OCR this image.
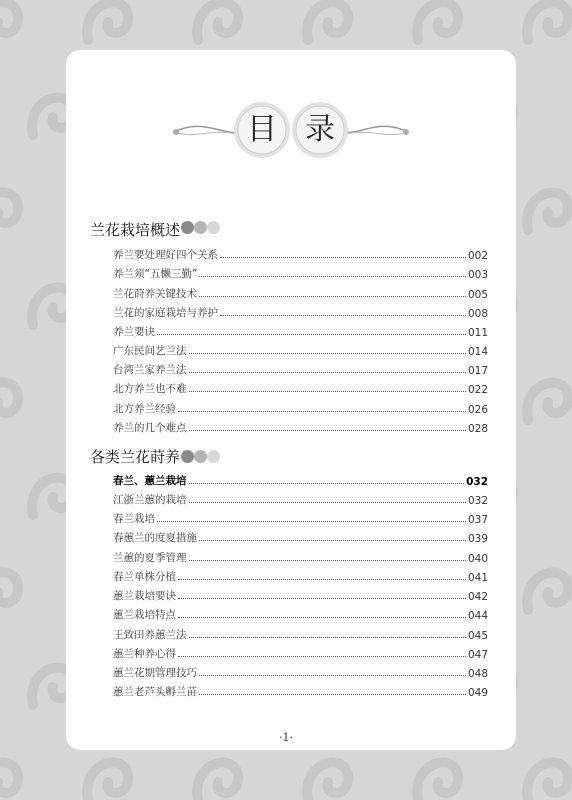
目 录
兰花栽培概述
养兰要处理好四个关系	002
养兰须“五懒三勤”	003
兰花莳养关键技术	005
兰花的家庭栽培与养护	008
养兰要诀	011
广东民间艺兰法	014
台湾兰家养兰法	017
北方养兰也不难	022
北方养兰经验	026
养兰的几个难点	028
各类兰花莳养
春兰、蕙兰栽培	032
江浙兰蕙的栽培	032
春兰栽培	037
春蕙兰的度夏措施	039
兰蕙的夏季管理	040
春兰单株分植	041
蕙兰栽培要诀	042
蕙兰栽培特点	044
王致田养蕙兰法	045
蕙兰种养心得	047
蕙兰花期管理技巧	048
蕙兰老芦头孵兰苗	049
·1·
